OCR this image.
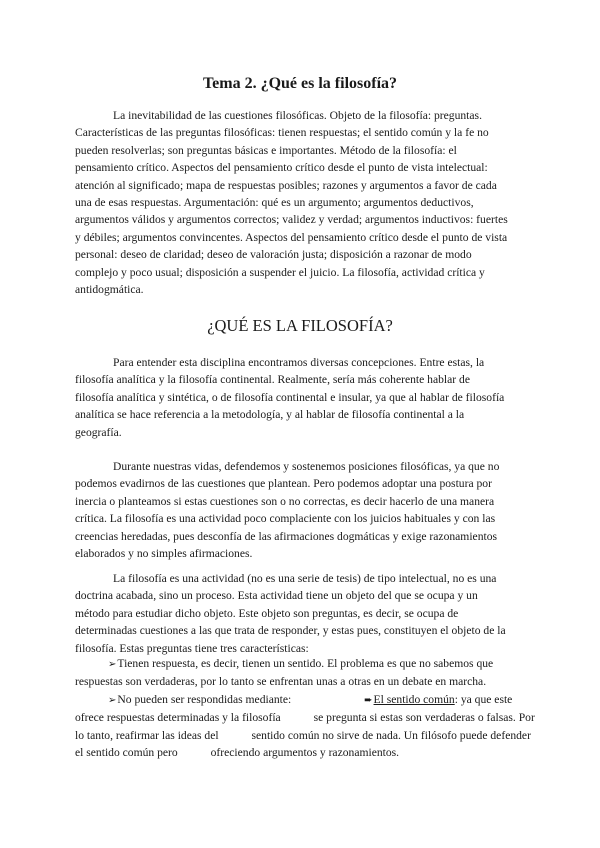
Tema 2. ¿Qué es la filosofía?
La inevitabilidad de las cuestiones filosóficas. Objeto de la filosofía: preguntas.
Características de las preguntas filosóficas: tienen respuestas; el sentido común y la fe no
pueden resolverlas; son preguntas básicas e importantes. Método de la filosofía: el
pensamiento crítico. Aspectos del pensamiento crítico desde el punto de vista intelectual:
atención al significado; mapa de respuestas posibles; razones y argumentos a favor de cada
una de esas respuestas. Argumentación: qué es un argumento; argumentos deductivos,
argumentos válidos y argumentos correctos; validez y verdad; argumentos inductivos: fuertes
y débiles; argumentos convincentes. Aspectos del pensamiento crítico desde el punto de vista
personal: deseo de claridad; deseo de valoración justa; disposición a razonar de modo
complejo y poco usual; disposición a suspender el juicio. La filosofía, actividad crítica y
antidogmática.
¿QUÉ ES LA FILOSOFÍA?
Para entender esta disciplina encontramos diversas concepciones. Entre estas, la
filosofía analítica y la filosofía continental. Realmente, sería más coherente hablar de
filosofía analítica y sintética, o de filosofía continental e insular, ya que al hablar de filosofía
analítica se hace referencia a la metodología, y al hablar de filosofía continental a la
geografía.
Durante nuestras vidas, defendemos y sostenemos posiciones filosóficas, ya que no
podemos evadirnos de las cuestiones que plantean. Pero podemos adoptar una postura por
inercia o planteamos si estas cuestiones son o no correctas, es decir hacerlo de una manera
crítica. La filosofía es una actividad poco complaciente con los juicios habituales y con las
creencias heredadas, pues desconfía de las afirmaciones dogmáticas y exige razonamientos
elaborados y no simples afirmaciones.
La filosofía es una actividad (no es una serie de tesis) de tipo intelectual, no es una
doctrina acabada, sino un proceso. Esta actividad tiene un objeto del que se ocupa y un
método para estudiar dicho objeto. Este objeto son preguntas, es decir, se ocupa de
determinadas cuestiones a las que trata de responder, y estas pues, constituyen el objeto de la
filosofía. Estas preguntas tiene tres características:
➢Tienen respuesta, es decir, tienen un sentido. El problema es que no sabemos que respuestas son verdaderas, por lo tanto se enfrentan unas a otras en un debate en marcha. ➢No pueden ser respondidas mediante:	➨El sentido común: ya que este ofrece respuestas determinadas y la filosofía	se pregunta si estas son verdaderas o falsas. Por lo tanto, reafirmar las ideas del	sentido común no sirve de nada. Un filósofo puede defender el sentido común pero	ofreciendo argumentos y razonamientos.
